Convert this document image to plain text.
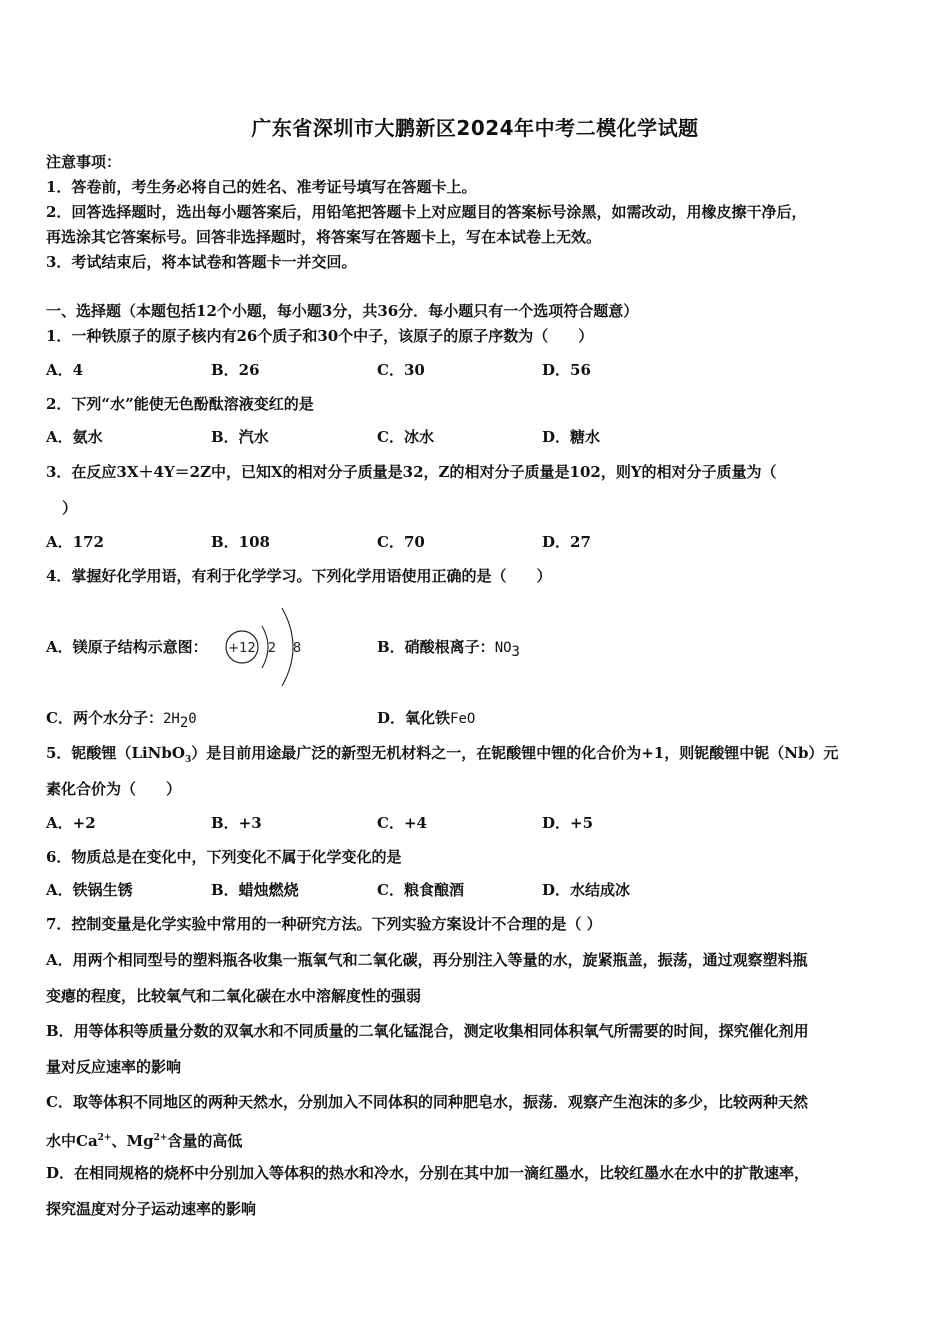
广东省深圳市大鹏新区2024年中考二模化学试题
注意事项：
1．答卷前，考生务必将自己的姓名、准考证号填写在答题卡上。
2．回答选择题时，选出每小题答案后，用铅笔把答题卡上对应题目的答案标号涂黑，如需改动，用橡皮擦干净后，
再选涂其它答案标号。回答非选择题时，将答案写在答题卡上，写在本试卷上无效。
3．考试结束后，将本试卷和答题卡一并交回。
一、选择题（本题包括12个小题，每小题3分，共36分．每小题只有一个选项符合题意）
1．一种铁原子的原子核内有26个质子和30个中子，该原子的原子序数为（　　）
A．4	B．26	C．30	D．56
2．下列“水”能使无色酚酞溶液变红的是
A．氨水	B．汽水	C．冰水	D．糖水
3．在反应3X＋4Y＝2Z中，已知X的相对分子质量是32，Z的相对分子质量是102，则Y的相对分子质量为（
）
A．172	B．108	C．70	D．27
4．掌握好化学用语，有利于化学学习。下列化学用语使用正确的是（　　）
A．镁原子结构示意图： +12 2 8	B．硝酸根离子：$NO_3$
C．两个水分子：$2H_20$	D．氧化铁FeO
5．铌酸锂（LiNbO$_3$）是目前用途最广泛的新型无机材料之一，在铌酸锂中锂的化合价为+1，则铌酸锂中铌（Nb）元
素化合价为（　　）
A．+2	B．+3	C．+4	D．+5
6．物质总是在变化中，下列变化不属于化学变化的是
A．铁锅生锈	B．蜡烛燃烧	C．粮食酿酒	D．水结成冰
7．控制变量是化学实验中常用的一种研究方法。下列实验方案设计不合理的是（ ）
A．用两个相同型号的塑料瓶各收集一瓶氧气和二氧化碳，再分别注入等量的水，旋紧瓶盖，振荡，通过观察塑料瓶
变瘪的程度，比较氧气和二氧化碳在水中溶解度性的强弱
B．用等体积等质量分数的双氧水和不同质量的二氧化锰混合，测定收集相同体积氧气所需要的时间，探究催化剂用
量对反应速率的影响
C．取等体积不同地区的两种天然水，分别加入不同体积的同种肥皂水，振荡．观察产生泡沫的多少，比较两种天然
水中$Ca^{2+}$、$Mg^{2+}$含量的高低
D．在相同规格的烧杯中分别加入等体积的热水和冷水，分别在其中加一滴红墨水，比较红墨水在水中的扩散速率，
探究温度对分子运动速率的影响
